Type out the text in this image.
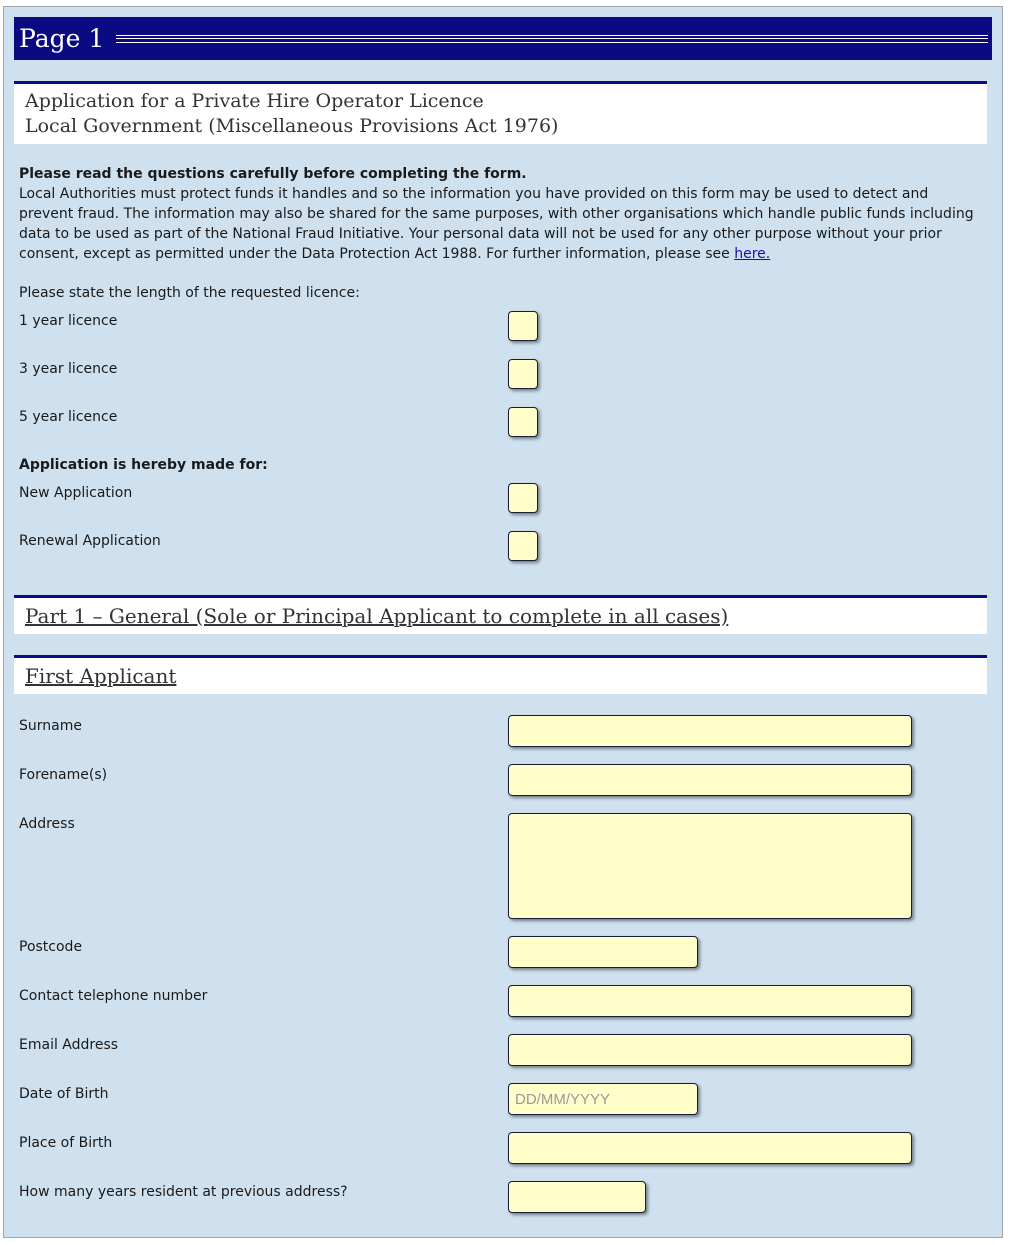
Page 1
Application for a Private Hire Operator Licence
Local Government (Miscellaneous Provisions Act 1976)
Please read the questions carefully before completing the form.
Local Authorities must protect funds it handles and so the information you have provided on this form may be used to detect and prevent fraud. The information may also be shared for the same purposes, with other organisations which handle public funds including data to be used as part of the National Fraud Initiative. Your personal data will not be used for any other purpose without your prior consent, except as permitted under the Data Protection Act 1988. For further information, please see here.
Please state the length of the requested licence:
1 year licence
3 year licence
5 year licence
Application is hereby made for:
New Application
Renewal Application
Part 1 – General (Sole or Principal Applicant to complete in all cases)
First Applicant
Surname
Forename(s)
Address
Postcode
Contact telephone number
Email Address
Date of Birth
DD/MM/YYYY
Place of Birth
How many years resident at previous address?
